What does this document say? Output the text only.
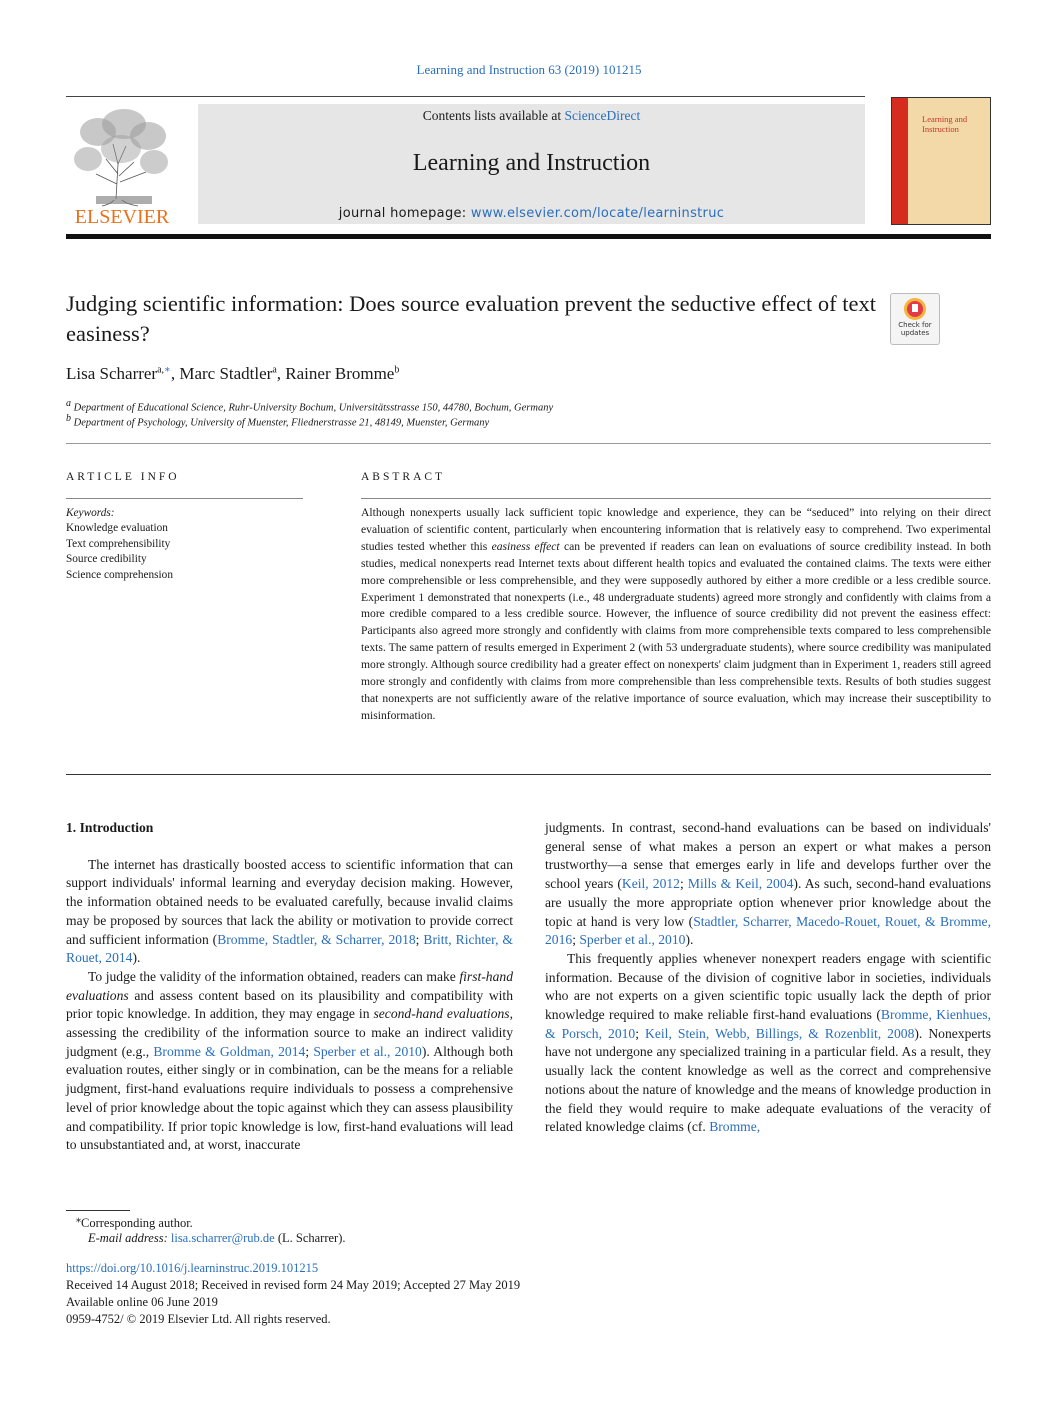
Learning and Instruction 63 (2019) 101215
ELSEVIER
Contents lists available at ScienceDirect
Learning and Instruction
journal homepage: www.elsevier.com/locate/learninstruc
Learning and Instruction
Judging scientific information: Does source evaluation prevent the seductive effect of text easiness?	Check for updates
Lisa Scharrer$^{a,∗}$, Marc Stadtler$^a$, Rainer Bromme$^b$
$^a$ Department of Educational Science, Ruhr-University Bochum, Universitätsstrasse 150, 44780, Bochum, Germany
$^b$ Department of Psychology, University of Muenster, Fliednerstrasse 21, 48149, Muenster, Germany
ARTICLE INFO
Keywords:
Knowledge evaluation
Text comprehensibility
Source credibility
Science comprehension
ABSTRACT
Although nonexperts usually lack sufficient topic knowledge and experience, they can be “seduced” into relying on their direct evaluation of scientific content, particularly when encountering information that is relatively easy to comprehend. Two experimental studies tested whether this easiness effect can be prevented if readers can lean on evaluations of source credibility instead. In both studies, medical nonexperts read Internet texts about different health topics and evaluated the contained claims. The texts were either more comprehensible or less comprehensible, and they were supposedly authored by either a more credible or a less credible source. Experiment 1 demonstrated that nonexperts (i.e., 48 undergraduate students) agreed more strongly and confidently with claims from a more credible compared to a less credible source. However, the influence of source credibility did not prevent the easiness effect: Participants also agreed more strongly and confidently with claims from more comprehensible texts compared to less comprehensible texts. The same pattern of results emerged in Experiment 2 (with 53 undergraduate students), where source credibility was manipulated more strongly. Although source credibility had a greater effect on nonexperts' claim judgment than in Experiment 1, readers still agreed more strongly and confidently with claims from more comprehensible than less comprehensible texts. Results of both studies suggest that nonexperts are not sufficiently aware of the relative importance of source evaluation, which may increase their susceptibility to misinformation.

1. Introduction

The internet has drastically boosted access to scientific information that can support individuals' informal learning and everyday decision making. However, the information obtained needs to be evaluated carefully, because invalid claims may be proposed by sources that lack the ability or motivation to provide correct and sufficient information (Bromme, Stadtler, & Scharrer, 2018; Britt, Richter, & Rouet, 2014).

To judge the validity of the information obtained, readers can make first-hand evaluations and assess content based on its plausibility and compatibility with prior topic knowledge. In addition, they may engage in second-hand evaluations, assessing the credibility of the information source to make an indirect validity judgment (e.g., Bromme & Goldman, 2014; Sperber et al., 2010). Although both evaluation routes, either singly or in combination, can be the means for a reliable judgment, first-hand evaluations require individuals to possess a comprehensive level of prior knowledge about the topic against which they can assess plausibility and compatibility. If prior topic knowledge is low, first-hand evaluations will lead to unsubstantiated and, at worst, inaccurate

judgments. In contrast, second-hand evaluations can be based on individuals' general sense of what makes a person an expert or what makes a person trustworthy—a sense that emerges early in life and develops further over the school years (Keil, 2012; Mills & Keil, 2004). As such, second-hand evaluations are usually the more appropriate option whenever prior knowledge about the topic at hand is very low (Stadtler, Scharrer, Macedo-Rouet, Rouet, & Bromme, 2016; Sperber et al., 2010).

This frequently applies whenever nonexpert readers engage with scientific information. Because of the division of cognitive labor in societies, individuals who are not experts on a given scientific topic usually lack the depth of prior knowledge required to make reliable first-hand evaluations (Bromme, Kienhues, & Porsch, 2010; Keil, Stein, Webb, Billings, & Rozenblit, 2008). Nonexperts have not undergone any specialized training in a particular field. As a result, they usually lack the content knowledge as well as the correct and comprehensive notions about the nature of knowledge and the means of knowledge production in the field they would require to make adequate evaluations of the veracity of related knowledge claims (cf. Bromme,

⁎Corresponding author.
E-mail address: lisa.scharrer@rub.de (L. Scharrer).
https://doi.org/10.1016/j.learninstruc.2019.101215
Received 14 August 2018; Received in revised form 24 May 2019; Accepted 27 May 2019
Available online 06 June 2019
0959-4752/ © 2019 Elsevier Ltd. All rights reserved.
